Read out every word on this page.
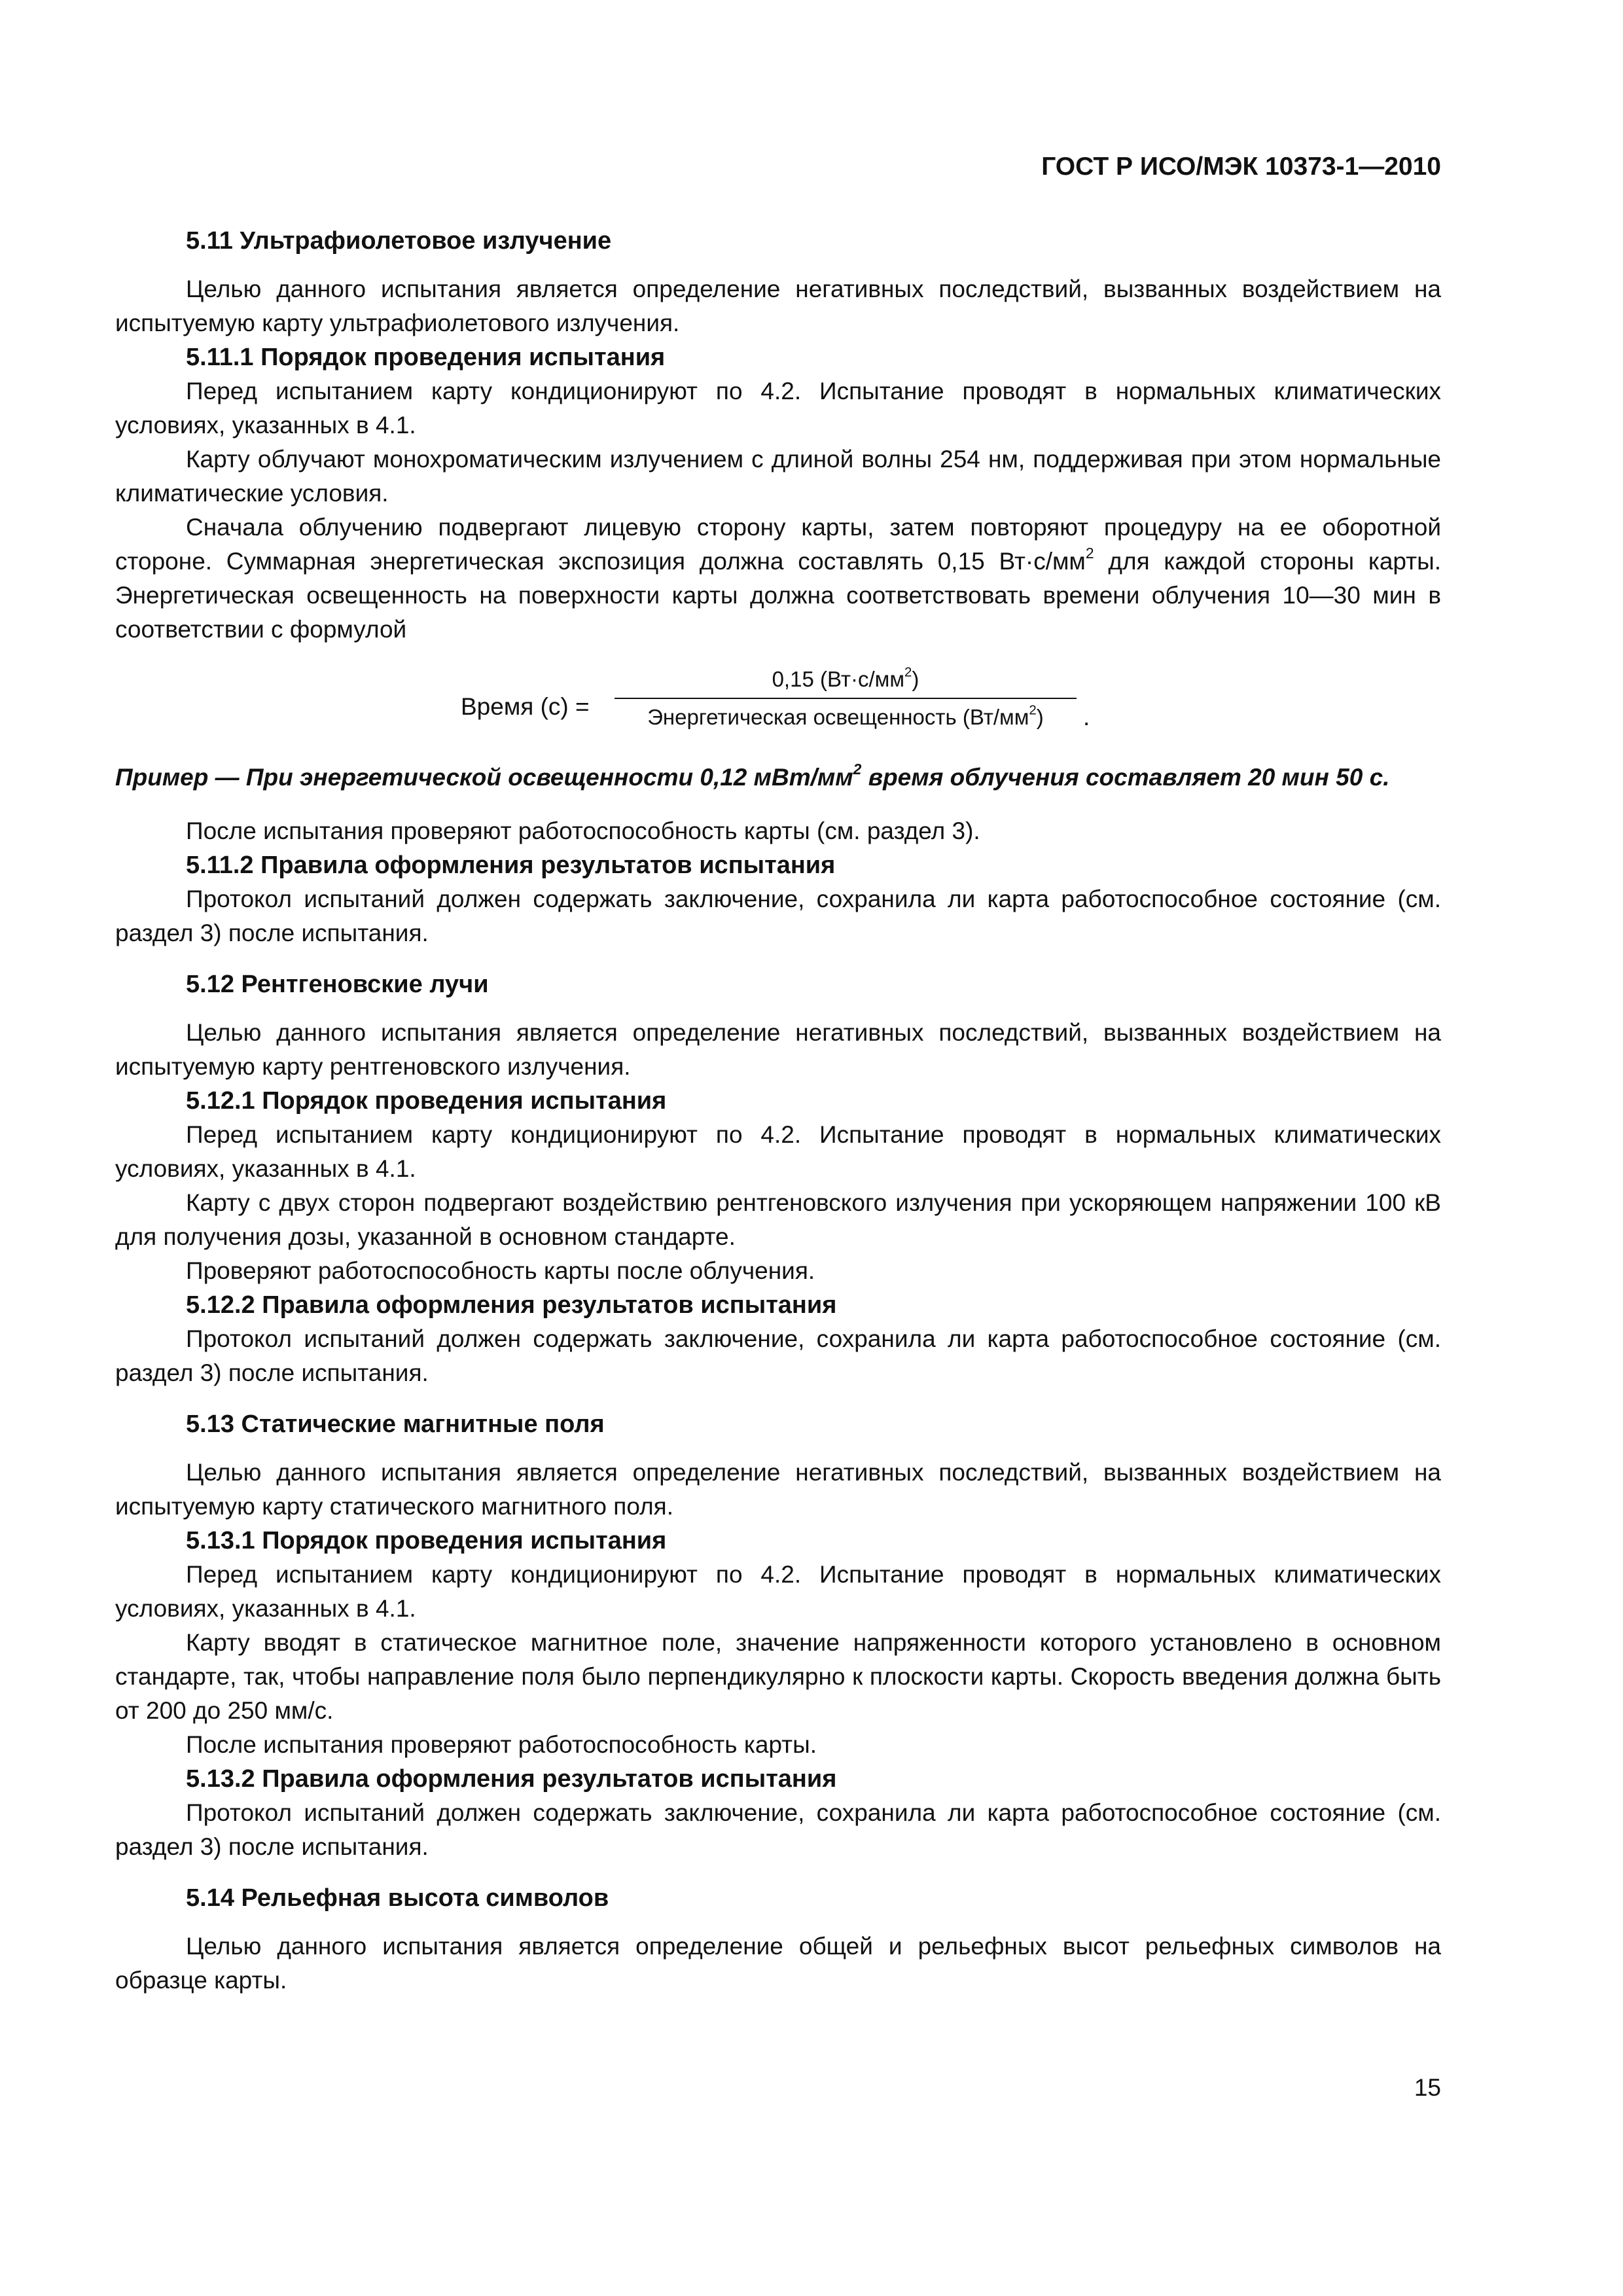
ГОСТ Р ИСО/МЭК 10373-1—2010
5.11 Ультрафиолетовое излучение

Целью данного испытания является определение негативных последствий, вызванных воздействием на испытуемую карту ультрафиолетового излучения.

5.11.1 Порядок проведения испытания

Перед испытанием карту кондиционируют по 4.2. Испытание проводят в нормальных климатических условиях, указанных в 4.1.

Карту облучают монохроматическим излучением с длиной волны 254 нм, поддерживая при этом нормальные климатические условия.

Сначала облучению подвергают лицевую сторону карты, затем повторяют процедуру на ее оборотной стороне. Суммарная энергетическая экспозиция должна составлять 0,15 $Вт\cdot с/мм^2$ для каждой стороны карты. Энергетическая освещенность на поверхности карты должна соответствовать времени облучения 10—30 мин в соответствии с формулой

Время (с) =
0,15 $(Вт\cdot с/мм^2)$
Энергетическая освещенность $(Вт/мм^2)$	.

Пример — При энергетической освещенности 0,12 мВт/$мм^2$ время облучения составляет 20 мин 50 с.

После испытания проверяют работоспособность карты (см. раздел 3).

5.11.2 Правила оформления результатов испытания

Протокол испытаний должен содержать заключение, сохранила ли карта работоспособное состояние (см. раздел 3) после испытания.

5.12 Рентгеновские лучи

Целью данного испытания является определение негативных последствий, вызванных воздействием на испытуемую карту рентгеновского излучения.

5.12.1 Порядок проведения испытания

Перед испытанием карту кондиционируют по 4.2. Испытание проводят в нормальных климатических условиях, указанных в 4.1.

Карту с двух сторон подвергают воздействию рентгеновского излучения при ускоряющем напряжении 100 кВ для получения дозы, указанной в основном стандарте.

Проверяют работоспособность карты после облучения.

5.12.2 Правила оформления результатов испытания

Протокол испытаний должен содержать заключение, сохранила ли карта работоспособное состояние (см. раздел 3) после испытания.

5.13 Статические магнитные поля

Целью данного испытания является определение негативных последствий, вызванных воздействием на испытуемую карту статического магнитного поля.

5.13.1 Порядок проведения испытания

Перед испытанием карту кондиционируют по 4.2. Испытание проводят в нормальных климатических условиях, указанных в 4.1.

Карту вводят в статическое магнитное поле, значение напряженности которого установлено в основном стандарте, так, чтобы направление поля было перпендикулярно к плоскости карты. Скорость введения должна быть от 200 до 250 мм/с.

После испытания проверяют работоспособность карты.

5.13.2 Правила оформления результатов испытания

Протокол испытаний должен содержать заключение, сохранила ли карта работоспособное состояние (см. раздел 3) после испытания.

5.14 Рельефная высота символов

Целью данного испытания является определение общей и рельефных высот рельефных символов на образце карты.

15
